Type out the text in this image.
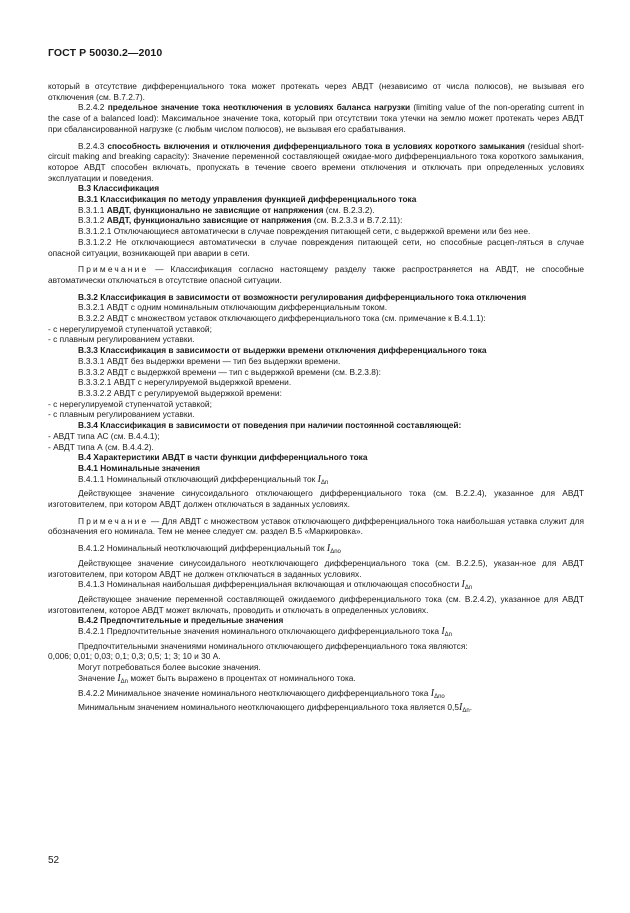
ГОСТ Р 50030.2—2010

который в отсутствие дифференциального тока может протекать через АВДТ (независимо от числа полюсов), не вызывая его отключения (см. В.7.2.7).

В.2.4.2 предельное значение тока неотключения в условиях баланса нагрузки (limiting value of the non-operating current in the case of a balanced load): Максимальное значение тока, который при отсутствии тока утечки на землю может протекать через АВДТ при сбалансированной нагрузке (с любым числом полюсов), не вызывая его срабатывания.

В.2.4.3 способность включения и отключения дифференциального тока в условиях короткого замыкания (residual short-circuit making and breaking capacity): Значение переменной составляющей ожидае-мого дифференциального тока короткого замыкания, которое АВДТ способен включать, пропускать в течение своего времени отключения и отключать при определенных условиях эксплуатации и поведения.

В.3 Классификация

В.3.1 Классификация по методу управления функцией дифференциального тока

В.3.1.1 АВДТ, функционально не зависящие от напряжения (см. В.2.3.2).

В.3.1.2 АВДТ, функционально зависящие от напряжения (см. В.2.3.3 и В.7.2.11):

В.3.1.2.1 Отключающиеся автоматически в случае повреждения питающей сети, с выдержкой времени или без нее.

В.3.1.2.2 Не отключающиеся автоматически в случае повреждения питающей сети, но способные расцеп-ляться в случае опасной ситуации, возникающей при аварии в сети.

Примечание — Классификация согласно настоящему разделу также распространяется на АВДТ, не способные автоматически отключаться в отсутствие опасной ситуации.

В.3.2 Классификация в зависимости от возможности регулирования дифференциального тока отключения

В.3.2.1 АВДТ с одним номинальным отключающим дифференциальным током.

В.3.2.2 АВДТ с множеством уставок отключающего дифференциального тока (см. примечание к В.4.1.1):

- с нерегулируемой ступенчатой уставкой;

- с плавным регулированием уставки.

В.3.3 Классификация в зависимости от выдержки времени отключения дифференциального тока

В.3.3.1 АВДТ без выдержки времени — тип без выдержки времени.

В.3.3.2 АВДТ с выдержкой времени — тип с выдержкой времени (см. В.2.3.8):

В.3.3.2.1 АВДТ с нерегулируемой выдержкой времени.

В.3.3.2.2 АВДТ с регулируемой выдержкой времени:

- с нерегулируемой ступенчатой уставкой;

- с плавным регулированием уставки.

В.3.4 Классификация в зависимости от поведения при наличии постоянной составляющей:

- АВДТ типа АС (см. В.4.4.1);

- АВДТ типа А (см. В.4.4.2).

В.4 Характеристики АВДТ в части функции дифференциального тока

В.4.1 Номинальные значения

В.4.1.1 Номинальный отключающий дифференциальный ток $I_{\Delta n}$

Действующее значение синусоидального отключающего дифференциального тока (см. В.2.2.4), указанное для АВДТ изготовителем, при котором АВДТ должен отключаться в заданных условиях.

Примечание — Для АВДТ с множеством уставок отключающего дифференциального тока наибольшая уставка служит для обозначения его номинала. Тем не менее следует см. раздел В.5 «Маркировка».

В.4.1.2 Номинальный неотключающий дифференциальный ток $I_{\Delta no}$

Действующее значение синусоидального неотключающего дифференциального тока (см. В.2.2.5), указан-ное для АВДТ изготовителем, при котором АВДТ не должен отключаться в заданных условиях.

В.4.1.3 Номинальная наибольшая дифференциальная включающая и отключающая способности $I_{\Delta n}$

Действующее значение переменной составляющей ожидаемого дифференциального тока (см. В.2.4.2), указанное для АВДТ изготовителем, которое АВДТ может включать, проводить и отключать в определенных условиях.

В.4.2 Предпочтительные и предельные значения

В.4.2.1 Предпочтительные значения номинального отключающего дифференциального тока $I_{\Delta n}$

Предпочтительными значениями номинального отключающего дифференциального тока являются:

0,006; 0,01; 0,03; 0,1; 0,3; 0,5; 1; 3; 10 и 30 А.

Могут потребоваться более высокие значения.

Значение $I_{\Delta n}$ может быть выражено в процентах от номинального тока.

В.4.2.2 Минимальное значение номинального неотключающего дифференциального тока $I_{\Delta no}$

Минимальным значением номинального неотключающего дифференциального тока является $0,5I_{\Delta n}$.

52
